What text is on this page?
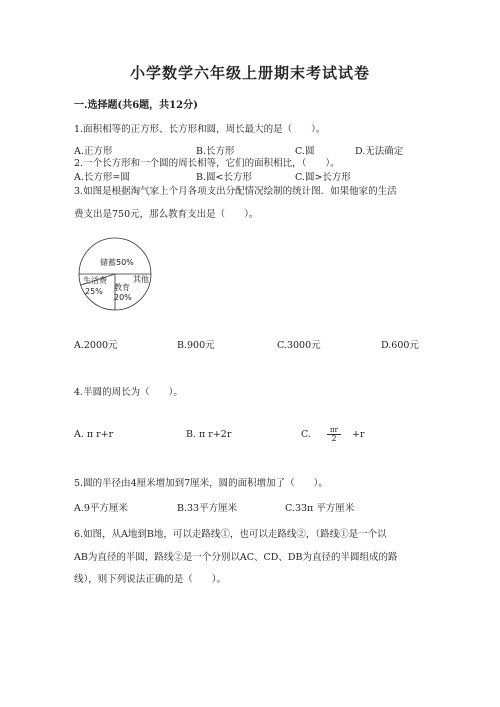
小学数学六年级上册期末考试试卷
一.选择题(共6题，共12分)
1.面积相等的正方形、长方形和圆，周长最大的是（　　）。
A.正方形	B.长方形	C.圆	D.无法确定
2.一个长方形和一个圆的周长相等，它们的面积相比，（　　）。
A.长方形=圆	B.圆<长方形	C.圆>长方形
3.如图是根据淘气家上个月各项支出分配情况绘制的统计图．如果他家的生活
费支出是750元，那么教育支出是（　　）。
储蓄50%
生活费
25% 教育
20%
其他
A.2000元	B.900元	C.3000元	D.600元
4.半圆的周长为（　　）。
A. π r+r	B. π r+2r	C. $\frac{\pi r}{2} +r$
5.圆的半径由4厘米增加到7厘米，圆的面积增加了（　　）。
A.9平方厘米	B.33平方厘米	C.33π 平方厘米
6.如图，从A地到B地，可以走路线①，也可以走路线②，（路线①是一个以
AB为直径的半圆，路线②是一个分别以AC、CD、DB为直径的半圆组成的路
线），则下列说法正确的是（　　）。
